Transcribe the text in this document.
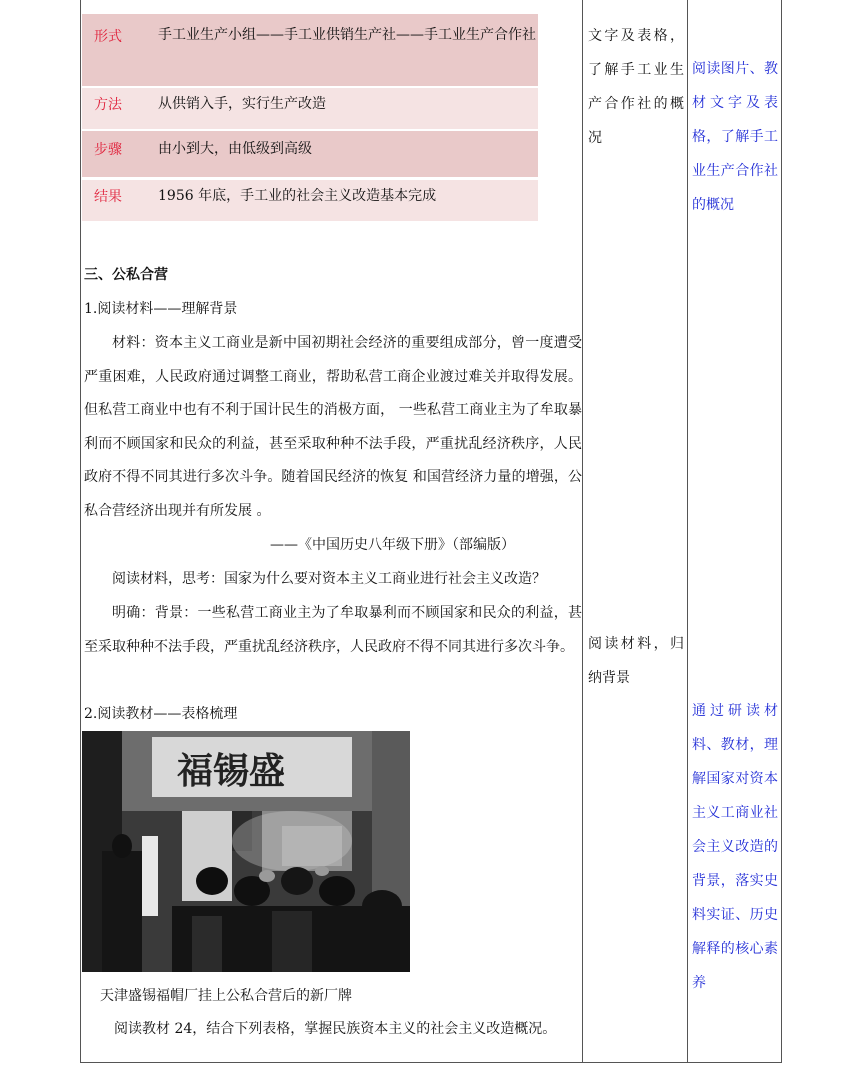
形式	手工业生产小组——手工业供销生产社——手工业生产合作社
方法	从供销入手，实行生产改造
步骤	由小到大，由低级到高级
结果	1956 年底，手工业的社会主义改造基本完成
三、公私合营
1.阅读材料——理解背景
材料：资本主义工商业是新中国初期社会经济的重要组成部分，曾一度遭受严重困难，人民政府通过调整工商业，帮助私营工商企业渡过难关并取得发展。但私营工商业中也有不利于国计民生的消极方面， 一些私营工商业主为了牟取暴利而不顾国家和民众的利益，甚至采取种种不法手段，严重扰乱经济秩序，人民政府不得不同其进行多次斗争。随着国民经济的恢复 和国营经济力量的增强，公私合营经济出现并有所发展 。
——《中国历史八年级下册》（部编版）
阅读材料，思考：国家为什么要对资本主义工商业进行社会主义改造？
明确：背景：一些私营工商业主为了牟取暴利而不顾国家和民众的利益，甚至采取种种不法手段，严重扰乱经济秩序，人民政府不得不同其进行多次斗争。
2.阅读教材——表格梳理
福锡盛
天津盛锡福帽厂挂上公私合营后的新厂牌
阅读教材 24，结合下列表格，掌握民族资本主义的社会主义改造概况。
文字及表格，了解手工业生产合作社的概况
阅读材料，归纳背景
阅读图片、教材文字及表格，了解手工业生产合作社的概况
通过研读材料、教材，理解国家对资本主义工商业社会主义改造的背景，落实史料实证、历史解释的核心素养
